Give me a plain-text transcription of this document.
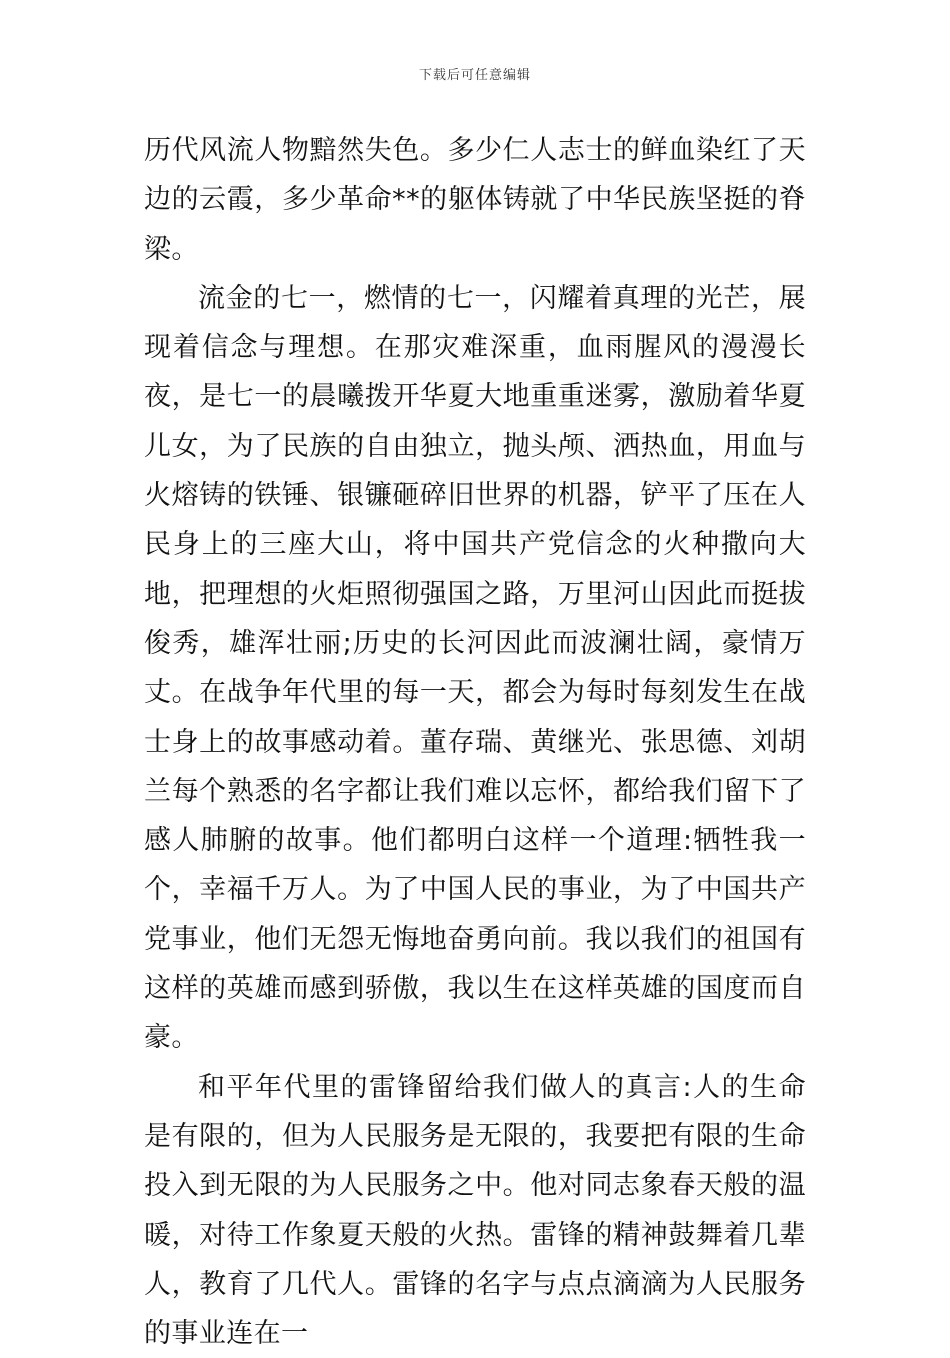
下载后可任意编辑

历代风流人物黯然失色。多少仁人志士的鲜血染红了天边的云霞，多少革命**的躯体铸就了中华民族坚挺的脊梁。

流金的七一，燃情的七一，闪耀着真理的光芒，展现着信念与理想。在那灾难深重，血雨腥风的漫漫长夜，是七一的晨曦拨开华夏大地重重迷雾，激励着华夏儿女，为了民族的自由独立，抛头颅、洒热血，用血与火熔铸的铁锤、银镰砸碎旧世界的机器，铲平了压在人民身上的三座大山，将中国共产党信念的火种撒向大地，把理想的火炬照彻强国之路，万里河山因此而挺拔俊秀，雄浑壮丽;历史的长河因此而波澜壮阔，豪情万丈。在战争年代里的每一天，都会为每时每刻发生在战士身上的故事感动着。董存瑞、黄继光、张思德、刘胡兰每个熟悉的名字都让我们难以忘怀，都给我们留下了感人肺腑的故事。他们都明白这样一个道理:牺牲我一个，幸福千万人。为了中国人民的事业，为了中国共产党事业，他们无怨无悔地奋勇向前。我以我们的祖国有这样的英雄而感到骄傲，我以生在这样英雄的国度而自豪。

和平年代里的雷锋留给我们做人的真言:人的生命是有限的，但为人民服务是无限的，我要把有限的生命投入到无限的为人民服务之中。他对同志象春天般的温暖，对待工作象夏天般的火热。雷锋的精神鼓舞着几辈人，教育了几代人。雷锋的名字与点点滴滴为人民服务的事业连在一
